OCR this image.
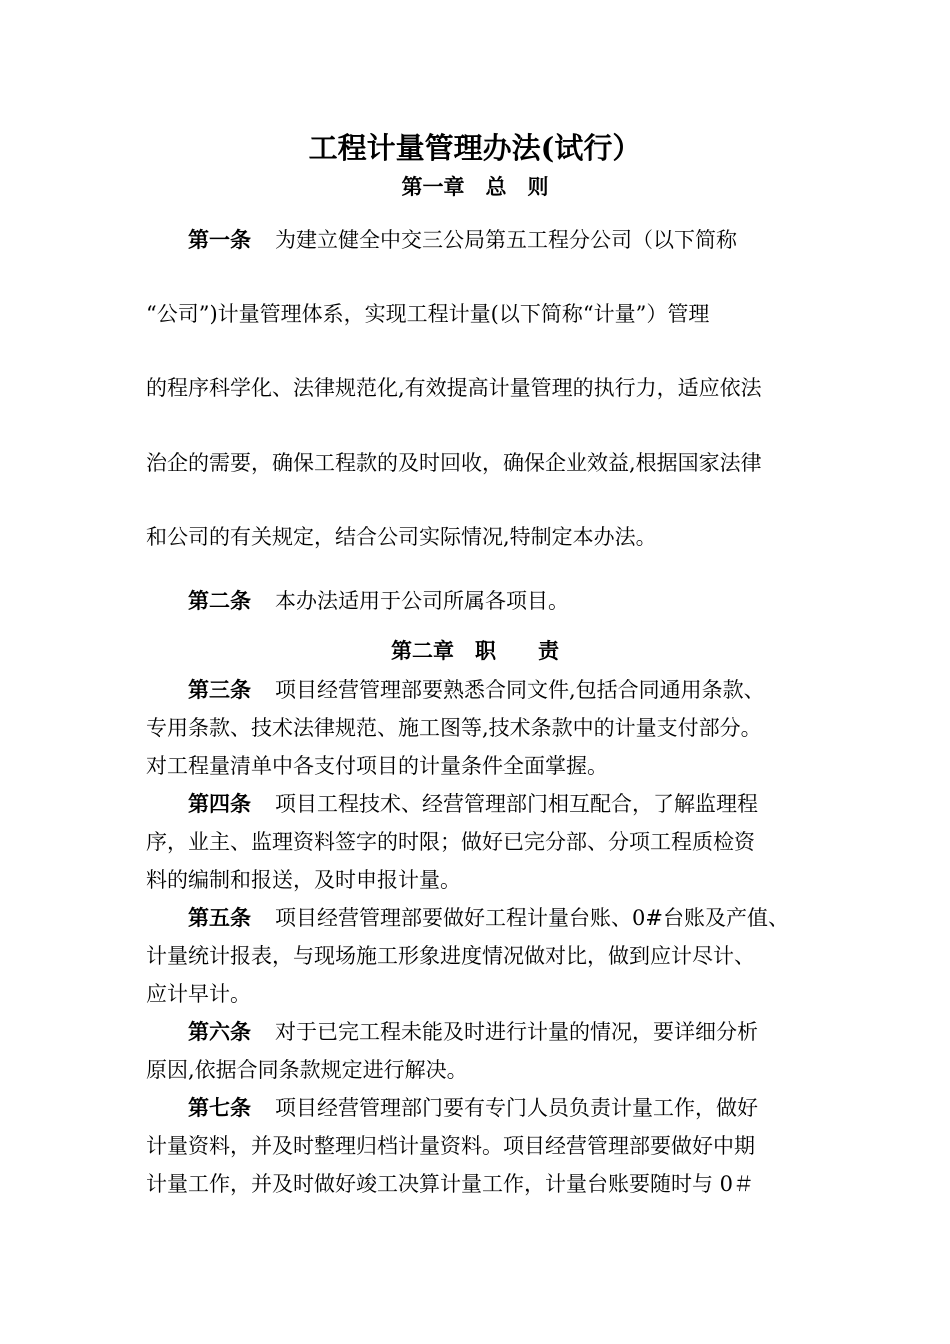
工程计量管理办法(试行）
第一章　总　则
第一条 为建立健全中交三公局第五工程分公司（以下简称
“公司”)计量管理体系，实现工程计量(以下简称“计量”）管理
的程序科学化、法律规范化,有效提高计量管理的执行力，适应依法
治企的需要，确保工程款的及时回收，确保企业效益,根据国家法律
和公司的有关规定，结合公司实际情况,特制定本办法。
第二条 本办法适用于公司所属各项目。
第二章　职　　责
第三条 项目经营管理部要熟悉合同文件,包括合同通用条款、
专用条款、技术法律规范、施工图等,技术条款中的计量支付部分。
对工程量清单中各支付项目的计量条件全面掌握。
第四条 项目工程技术、经营管理部门相互配合，了解监理程
序，业主、监理资料签字的时限；做好已完分部、分项工程质检资
料的编制和报送，及时申报计量。
第五条 项目经营管理部要做好工程计量台账、0#台账及产值、
计量统计报表，与现场施工形象进度情况做对比，做到应计尽计、
应计早计。
第六条 对于已完工程未能及时进行计量的情况，要详细分析
原因,依据合同条款规定进行解决。
第七条 项目经营管理部门要有专门人员负责计量工作，做好
计量资料，并及时整理归档计量资料。项目经营管理部要做好中期
计量工作，并及时做好竣工决算计量工作，计量台账要随时与 0＃
